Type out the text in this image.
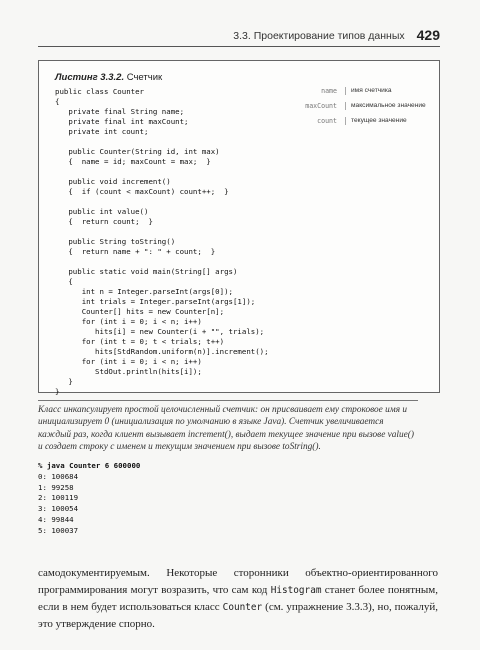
3.3. Проектирование типов данных 429
Листинг 3.3.2. Счетчик
public class Counter
{
private final String name;
private final int maxCount;
private int count;

public Counter(String id, int max)
{  name = id; maxCount = max;  }

public void increment()
{  if (count < maxCount) count++;  }

public int value()
{  return count;  }

public String toString()
{  return name + ": " + count;  }

public static void main(String[] args)
{
int n = Integer.parseInt(args[0]);
int trials = Integer.parseInt(args[1]);
Counter[] hits = new Counter[n];
for (int i = 0; i < n; i++)
hits[i] = new Counter(i + "", trials);
for (int t = 0; t < trials; t++)
hits[StdRandom.uniform(n)].increment();
for (int i = 0; i < n; i++)
StdOut.println(hits[i]);
}
}
name	имя счетчика
maxCount	максимальное значение
count	текущее значение
Класс инкапсулирует простой целочисленный счетчик: он присваивает ему строковое имя и инициализирует 0 (инициализация по умолчанию в языке Java). Счетчик увеличивается каждый раз, когда клиент вызывает increment(), выдает текущее значение при вызове value() и создает строку с именем и текущим значением при вызове toString().
% java Counter 6 600000
0: 100684
1: 99258
2: 100119
3: 100054
4: 99844
5: 100037

самодокументируемым. Некоторые сторонники объектно-ориентированного программирования могут возразить, что сам код Histogram станет более понятным, если в нем будет использоваться класс Counter (см. упражнение 3.3.3), но, пожалуй, это утверждение спорно.
